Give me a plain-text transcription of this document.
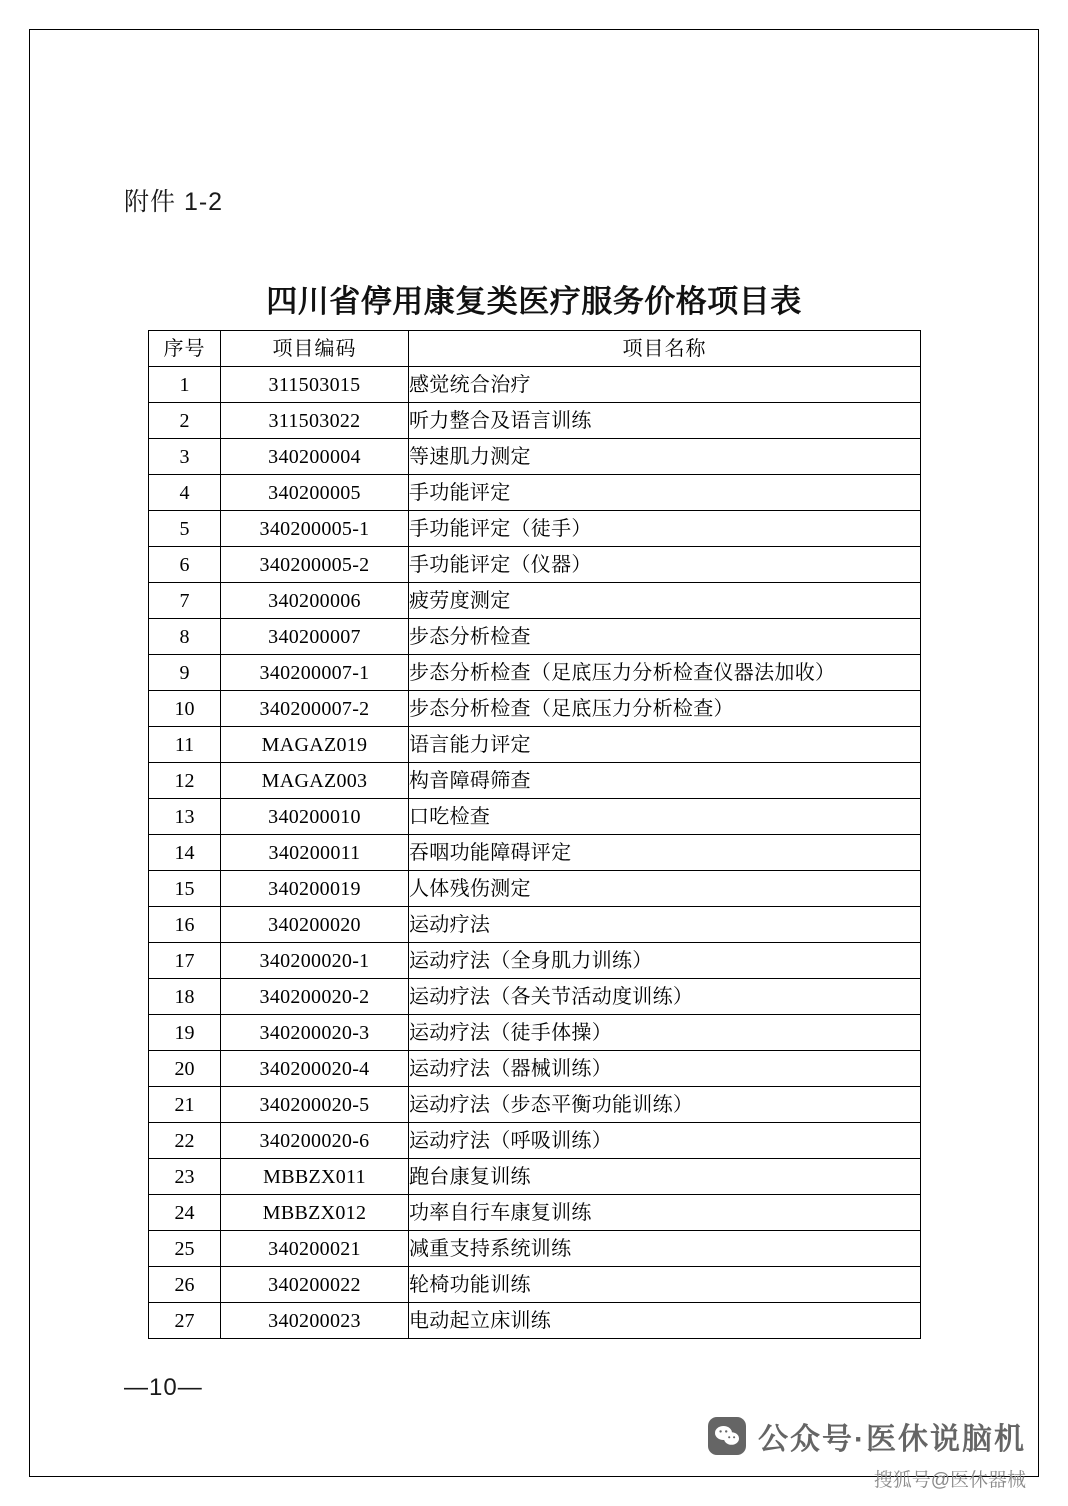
附件 1-2
四川省停用康复类医疗服务价格项目表
序号	项目编码	项目名称
1	311503015	感觉统合治疗
2	311503022	听力整合及语言训练
3	340200004	等速肌力测定
4	340200005	手功能评定
5	340200005-1	手功能评定（徒手）
6	340200005-2	手功能评定（仪器）
7	340200006	疲劳度测定
8	340200007	步态分析检查
9	340200007-1	步态分析检查（足底压力分析检查仪器法加收）
10	340200007-2	步态分析检查（足底压力分析检查）
11	MAGAZ019	语言能力评定
12	MAGAZ003	构音障碍筛查
13	340200010	口吃检查
14	340200011	吞咽功能障碍评定
15	340200019	人体残伤测定
16	340200020	运动疗法
17	340200020-1	运动疗法（全身肌力训练）
18	340200020-2	运动疗法（各关节活动度训练）
19	340200020-3	运动疗法（徒手体操）
20	340200020-4	运动疗法（器械训练）
21	340200020-5	运动疗法（步态平衡功能训练）
22	340200020-6	运动疗法（呼吸训练）
23	MBBZX011	跑台康复训练
24	MBBZX012	功率自行车康复训练
25	340200021	减重支持系统训练
26	340200022	轮椅功能训练
27	340200023	电动起立床训练
—10—
公众号·医休说脑机
搜狐号@医休器械
